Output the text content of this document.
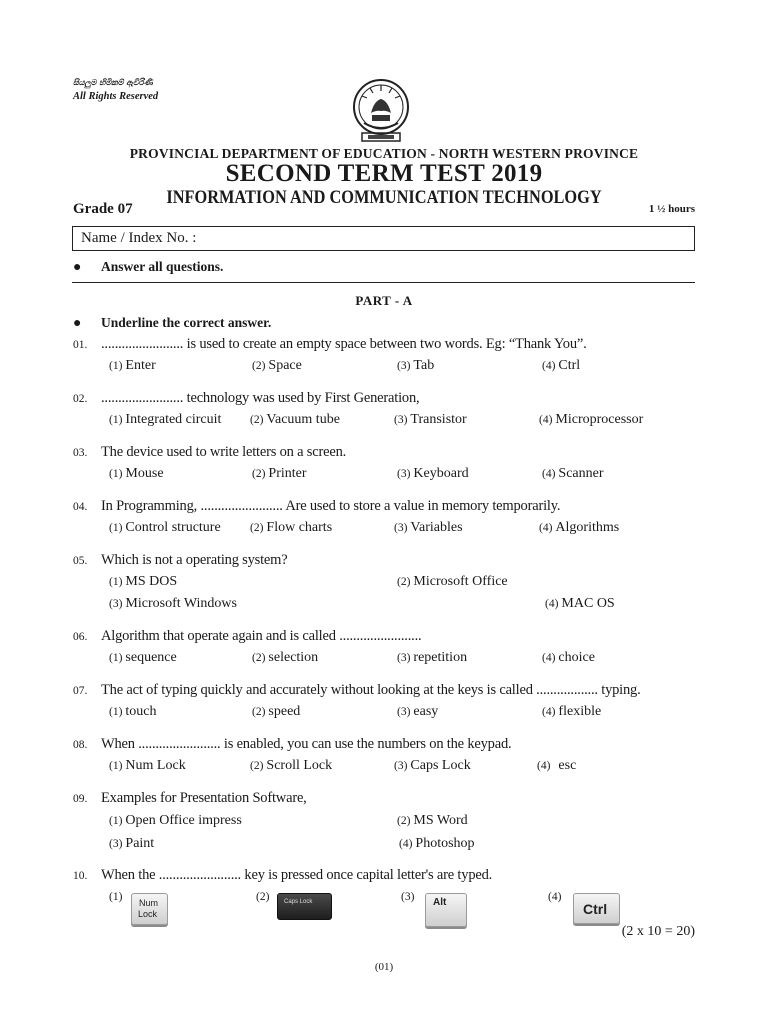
සියලුම හිමිකම් ඇවිරිණි
All Rights Reserved
PROVINCIAL DEPARTMENT OF EDUCATION - NORTH WESTERN PROVINCE
SECOND TERM TEST 2019
INFORMATION AND COMMUNICATION TECHNOLOGY
Grade 07	1 ½ hours
Name / Index No. :
● Answer all questions.
PART - A
● Underline the correct answer.
01. ........................ is used to create an empty space between two words. Eg: “Thank You”.
(1) Enter	(2) Space	(3) Tab	(4) Ctrl
02. ........................ technology was used by First Generation,
(1) Integrated circuit (2) Vacuum tube	(3) Transistor	(4) Microprocessor
03. The device used to write letters on a screen.
(1) Mouse	(2) Printer	(3) Keyboard	(4) Scanner
04. In Programming, ........................ Are used to store a value in memory temporarily.
(1) Control structure	(2) Flow charts	(3) Variables	(4) Algorithms
05. Which is not a operating system?
(1) MS DOS	(2) Microsoft Office
(3) Microsoft Windows	(4) MAC OS
06. Algorithm that operate again and is called ........................
(1) sequence	(2) selection	(3) repetition	(4) choice
07. The act of typing quickly and accurately without looking at the keys is called .................. typing.
(1) touch	(2) speed	(3) easy	(4) flexible
08. When ........................ is enabled, you can use the numbers on the keypad.
(1) Num Lock	(2) Scroll Lock	(3) Caps Lock	(4) esc
09. Examples for Presentation Software,
(1) Open Office impress	(2) MS Word
(3) Paint	(4) Photoshop
10. When the ........................ key is pressed once capital letter's are typed.
(1)	Num
Lock
(2)	Caps Lock	(3)	Alt	(4)
Ctrl
(2 x 10 = 20)
(01)
